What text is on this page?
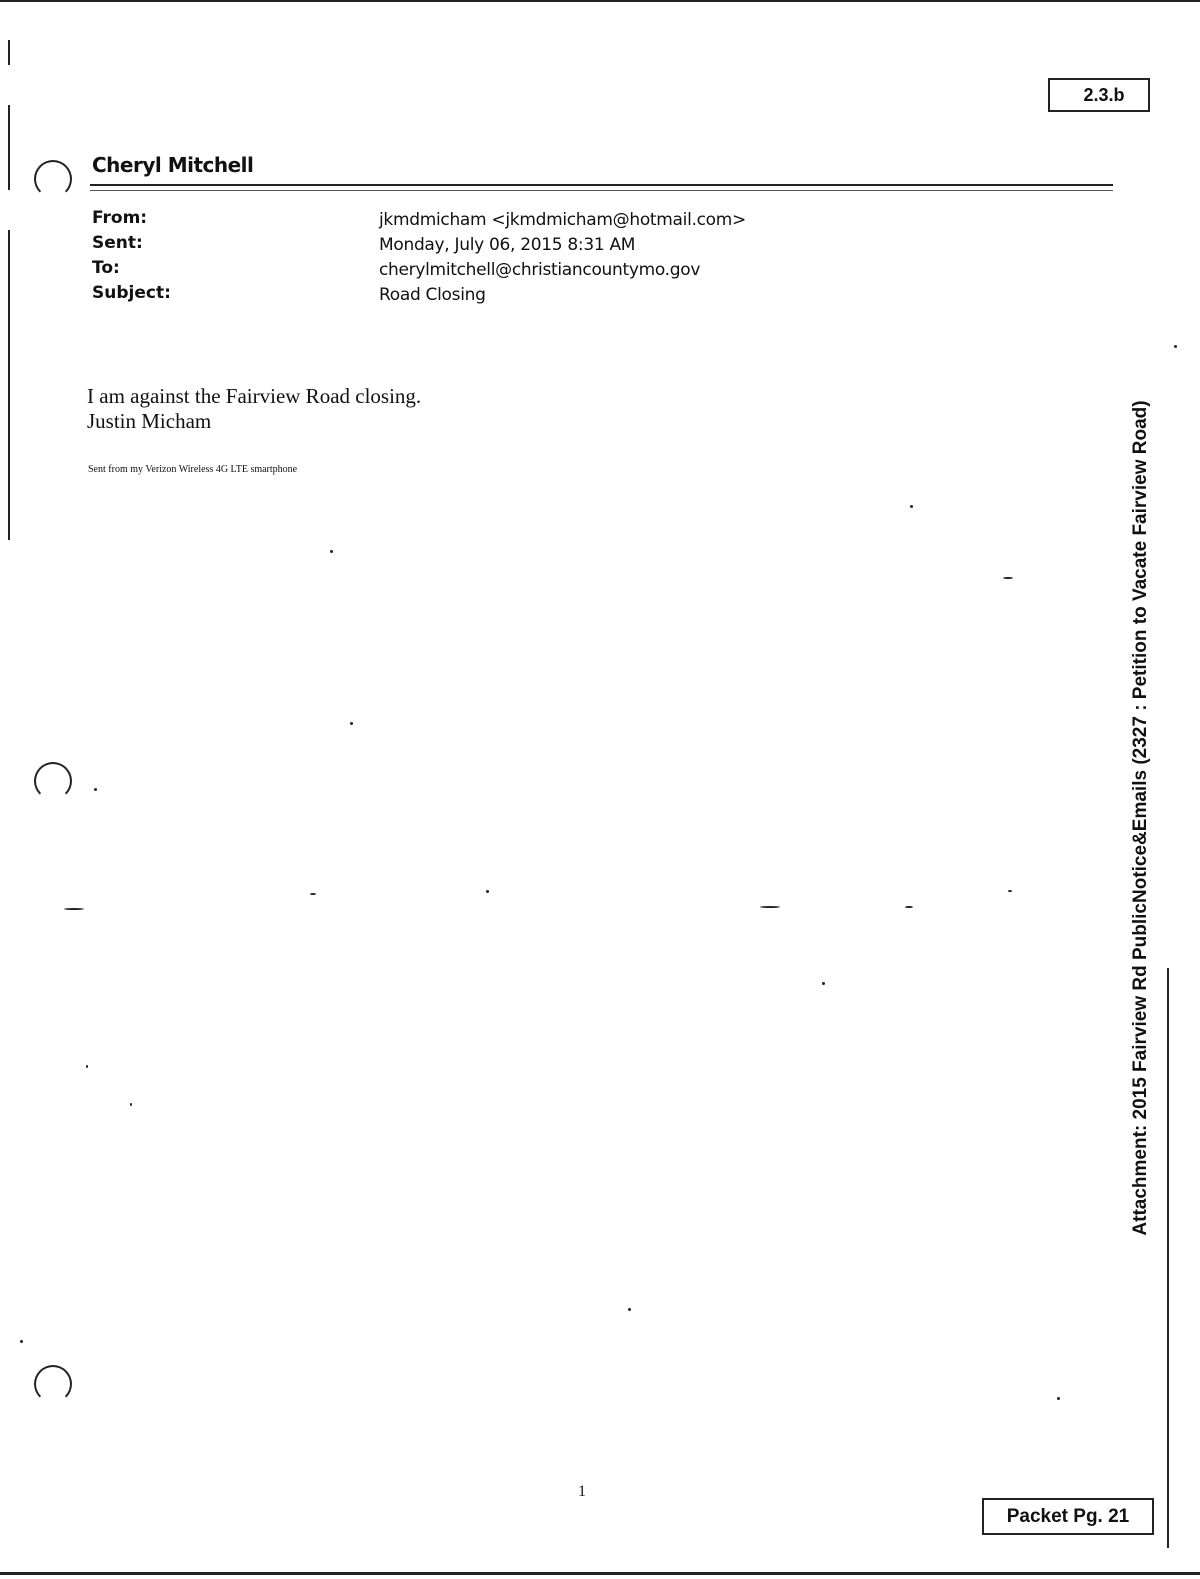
2.3.b
Cheryl Mitchell
From:	jkmdmicham <jkmdmicham@hotmail.com>
Sent:	Monday, July 06, 2015 8:31 AM
To:	cherylmitchell@christiancountymo.gov
Subject:	Road Closing
I am against the Fairview Road closing.
Justin Micham
Sent from my Verizon Wireless 4G LTE smartphone	Attachment: 2015 Fairview Rd PublicNotice&Emails (2327 : Petition to Vacate Fairview Road)
1
Packet Pg. 21
